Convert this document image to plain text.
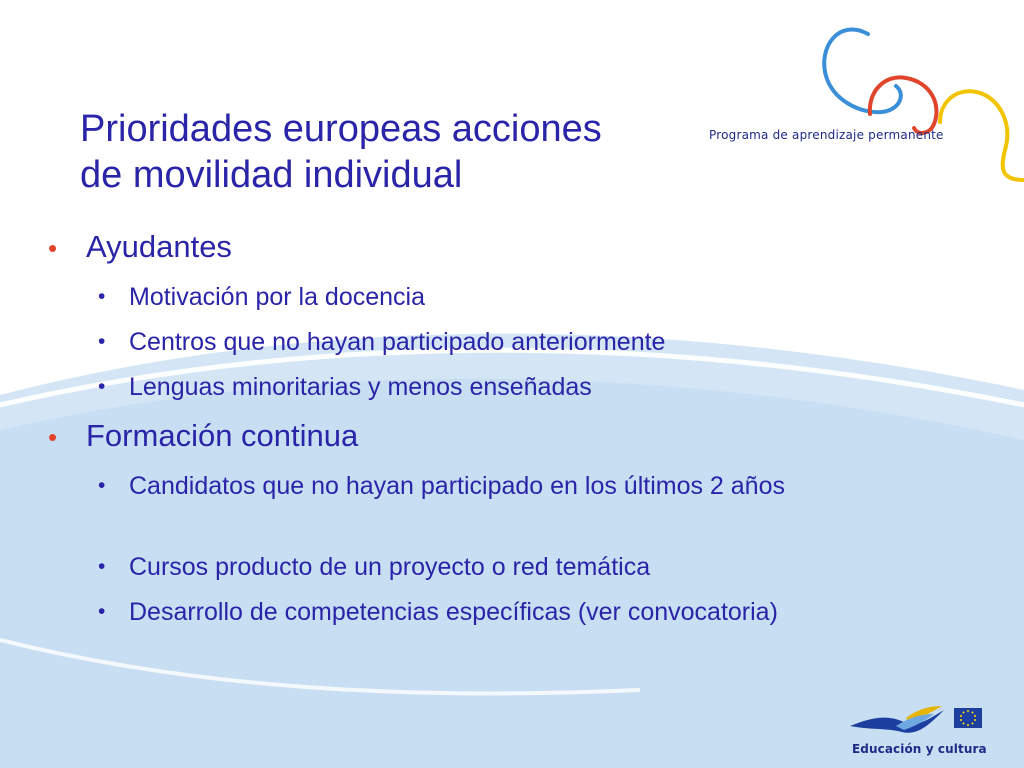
Prioridades europeas acciones
de movilidad individual
Programa de aprendizaje permanente
• Ayudantes
• Motivación por la docencia
• Centros que no hayan participado anteriormente
• Lenguas minoritarias y menos enseñadas
• Formación continua
• Candidatos que no hayan participado en los últimos 2 años
• Cursos producto de un proyecto o red temática
• Desarrollo de competencias específicas (ver convocatoria)
Educación y cultura
